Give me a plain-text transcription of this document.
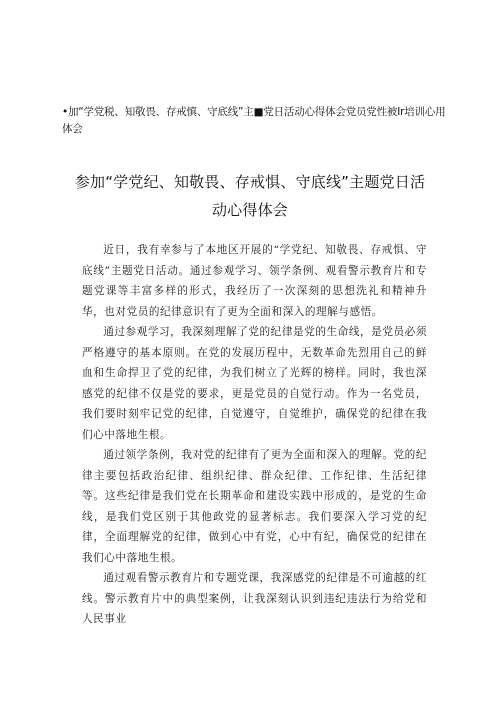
•加“学党税、知敬畏、存戒慎、守底线”主■党日活动心得体会党员党性被Ir培训心用体会
参加“学党纪、知敬畏、存戒惧、守底线”主题党日活动心得体会

近日，我有幸参与了本地区开展的“学党纪、知敬畏、存戒惧、守底线”主题党日活动。通过参观学习、领学条例、观看警示教育片和专题党课等丰富多样的形式，我经历了一次深刻的思想洗礼和精神升华，也对党员的纪律意识有了更为全面和深入的理解与感悟。

通过参观学习，我深刻理解了党的纪律是党的生命线，是党员必须严格遵守的基本原则。在党的发展历程中，无数革命先烈用自己的鲜血和生命捍卫了党的纪律，为我们树立了光辉的榜样。同时，我也深感党的纪律不仅是党的要求，更是党员的自觉行动。作为一名党员，我们要时刻牢记党的纪律，自觉遵守，自觉维护，确保党的纪律在我们心中落地生根。

通过领学条例，我对党的纪律有了更为全面和深入的理解。党的纪律主要包括政治纪律、组织纪律、群众纪律、工作纪律、生活纪律等。这些纪律是我们党在长期革命和建设实践中形成的，是党的生命线，是我们党区别于其他政党的显著标志。我们要深入学习党的纪律，全面理解党的纪律，做到心中有党，心中有纪，确保党的纪律在我们心中落地生根。

通过观看警示教育片和专题党课，我深感党的纪律是不可逾越的红线。警示教育片中的典型案例，让我深刻认识到违纪违法行为给党和人民事业
